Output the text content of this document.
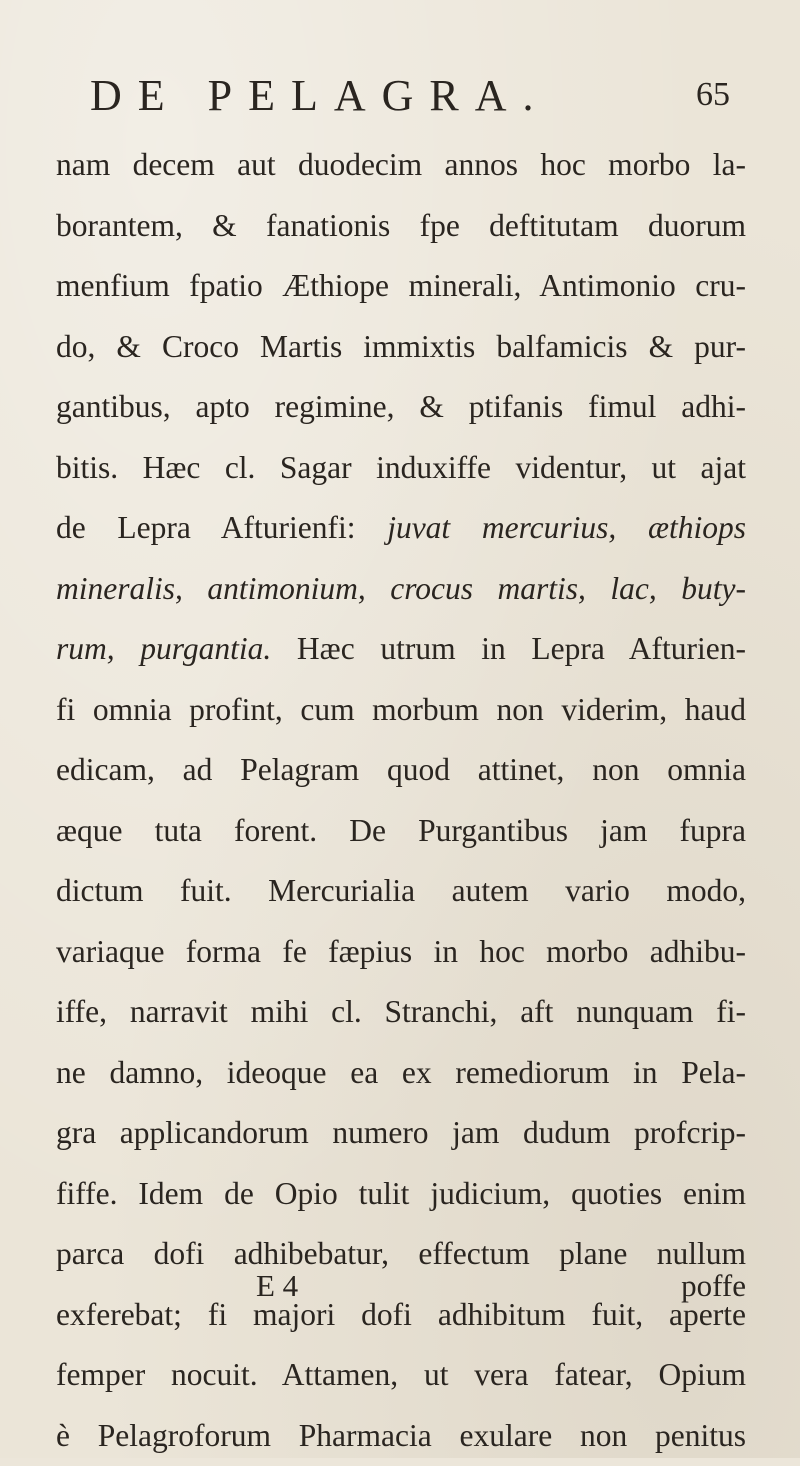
DE PELAGRA.	65
nam decem aut duodecim annos hoc morbo la-
borantem, & fanationis fpe deftitutam duorum
menfium fpatio Æthiope minerali, Antimonio cru-
do, & Croco Martis immixtis balfamicis & pur-
gantibus, apto regimine, & ptifanis fimul adhi-
bitis. Hæc cl. Sagar induxiffe videntur, ut ajat
de Lepra Afturienfi: juvat mercurius, æthiops
mineralis, antimonium, crocus martis, lac, buty-
rum, purgantia. Hæc utrum in Lepra Afturien-
fi omnia profint, cum morbum non viderim, haud
edicam, ad Pelagram quod attinet, non omnia
æque tuta forent. De Purgantibus jam fupra
dictum fuit. Mercurialia autem vario modo,
variaque forma fe fæpius in hoc morbo adhibu-
iffe, narravit mihi cl. Stranchi, aft nunquam fi-
ne damno, ideoque ea ex remediorum in Pela-
gra applicandorum numero jam dudum profcrip-
fiffe. Idem de Opio tulit judicium, quoties enim
parca dofi adhibebatur, effectum plane nullum
exferebat; fi majori dofi adhibitum fuit, aperte
femper nocuit. Attamen, ut vera fatear, Opium
è Pelagroforum Pharmacia exulare non penitus
E 4	poffe
